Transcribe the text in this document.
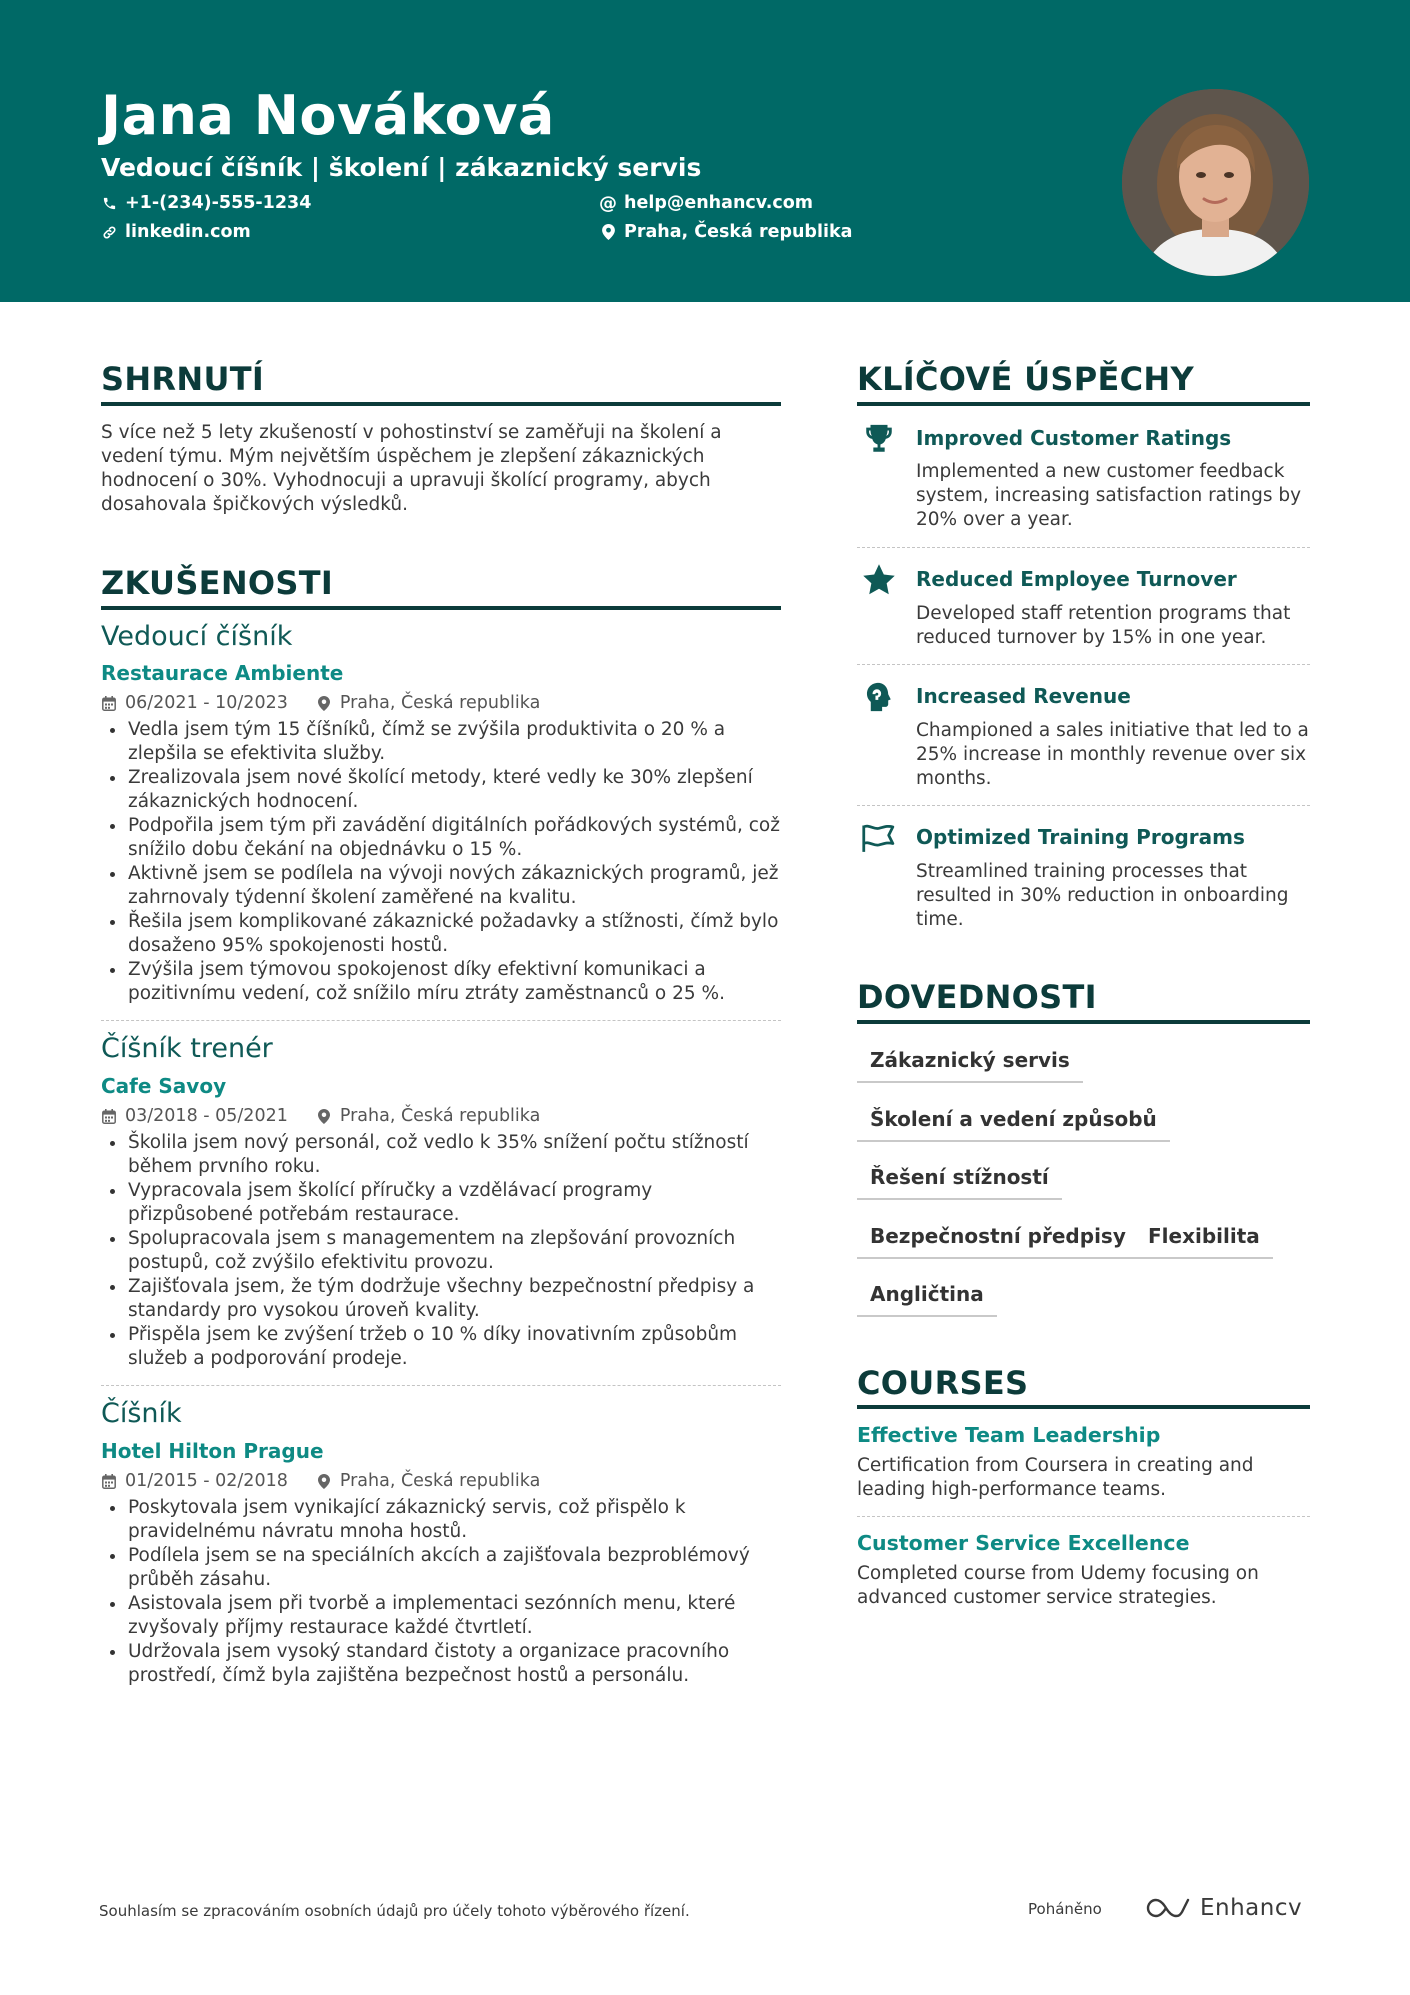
Jana Nováková
Vedoucí číšník | školení | zákaznický servis
+1-(234)-555-1234
linkedin.com
@ help@enhancv.com
Praha, Česká republika
SHRNUTÍ
S více než 5 lety zkušeností v pohostinství se zaměřuji na školení a vedení týmu. Mým největším úspěchem je zlepšení zákaznických hodnocení o 30%. Vyhodnocuji a upravuji školící programy, abych dosahovala špičkových výsledků.
ZKUŠENOSTI
Vedoucí číšník
Restaurace Ambiente
06/2021 - 10/2023	Praha, Česká republika
Vedla jsem tým 15 číšníků, čímž se zvýšila produktivita o 20 % a zlepšila se efektivita služby.
Zrealizovala jsem nové školící metody, které vedly ke 30% zlepšení zákaznických hodnocení.
Podpořila jsem tým při zavádění digitálních pořádkových systémů, což snížilo dobu čekání na objednávku o 15 %.
Aktivně jsem se podílela na vývoji nových zákaznických programů, jež zahrnovaly týdenní školení zaměřené na kvalitu.
Řešila jsem komplikované zákaznické požadavky a stížnosti, čímž bylo dosaženo 95% spokojenosti hostů.
Zvýšila jsem týmovou spokojenost díky efektivní komunikaci a pozitivnímu vedení, což snížilo míru ztráty zaměstnanců o 25 %.
Číšník trenér
Cafe Savoy
03/2018 - 05/2021	Praha, Česká republika
Školila jsem nový personál, což vedlo k 35% snížení počtu stížností během prvního roku.
Vypracovala jsem školící příručky a vzdělávací programy přizpůsobené potřebám restaurace.
Spolupracovala jsem s managementem na zlepšování provozních postupů, což zvýšilo efektivitu provozu.
Zajišťovala jsem, že tým dodržuje všechny bezpečnostní předpisy a standardy pro vysokou úroveň kvality.
Přispěla jsem ke zvýšení tržeb o 10 % díky inovativním způsobům služeb a podporování prodeje.
Číšník
Hotel Hilton Prague
01/2015 - 02/2018	Praha, Česká republika
Poskytovala jsem vynikající zákaznický servis, což přispělo k pravidelnému návratu mnoha hostů.
Podílela jsem se na speciálních akcích a zajišťovala bezproblémový průběh zásahu.
Asistovala jsem při tvorbě a implementaci sezónních menu, které zvyšovaly příjmy restaurace každé čtvrtletí.
Udržovala jsem vysoký standard čistoty a organizace pracovního prostředí, čímž byla zajištěna bezpečnost hostů a personálu.
KLÍČOVÉ ÚSPĚCHY
Improved Customer Ratings
Implemented a new customer feedback system, increasing satisfaction ratings by 20% over a year.
Reduced Employee Turnover
Developed staff retention programs that reduced turnover by 15% in one year.
Increased Revenue
Championed a sales initiative that led to a 25% increase in monthly revenue over six months.
Optimized Training Programs
Streamlined training processes that resulted in 30% reduction in onboarding time.
DOVEDNOSTI
Zákaznický servis
Školení a vedení způsobů
Řešení stížností
Bezpečnostní předpisy	Flexibilita
Angličtina
COURSES
Effective Team Leadership
Certification from Coursera in creating and leading high-performance teams.
Customer Service Excellence
Completed course from Udemy focusing on advanced customer service strategies.
Souhlasím se zpracováním osobních údajů pro účely tohoto výběrového řízení.	Poháněno	Enhancv
